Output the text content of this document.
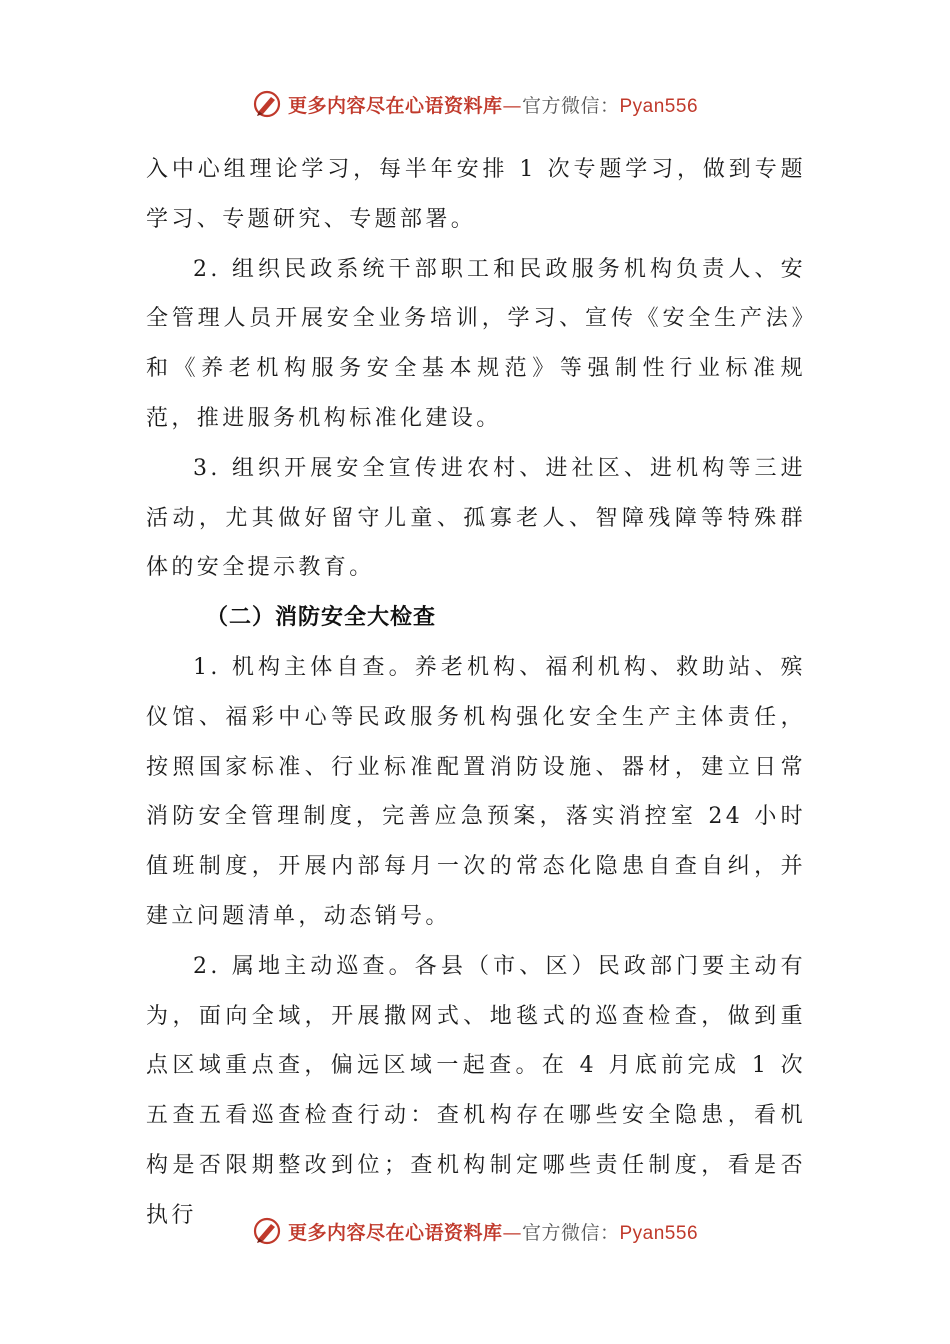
更多内容尽在心语资料库—官方微信：Pyan556

入中心组理论学习，每半年安排 1 次专题学习，做到专题学习、专题研究、专题部署。

2. 组织民政系统干部职工和民政服务机构负责人、安全管理人员开展安全业务培训，学习、宣传《安全生产法》和《养老机构服务安全基本规范》等强制性行业标准规范，推进服务机构标准化建设。

3. 组织开展安全宣传进农村、进社区、进机构等三进活动，尤其做好留守儿童、孤寡老人、智障残障等特殊群体的安全提示教育。

（二）消防安全大检查

1. 机构主体自查。养老机构、福利机构、救助站、殡仪馆、福彩中心等民政服务机构强化安全生产主体责任，按照国家标准、行业标准配置消防设施、器材，建立日常消防安全管理制度，完善应急预案，落实消控室 24 小时值班制度，开展内部每月一次的常态化隐患自查自纠，并建立问题清单，动态销号。

2. 属地主动巡查。各县（市、区）民政部门要主动有为，面向全域，开展撒网式、地毯式的巡查检查，做到重点区域重点查，偏远区域一起查。在 4 月底前完成 1 次五查五看巡查检查行动：查机构存在哪些安全隐患，看机构是否限期整改到位；查机构制定哪些责任制度，看是否执行

更多内容尽在心语资料库—官方微信：Pyan556
